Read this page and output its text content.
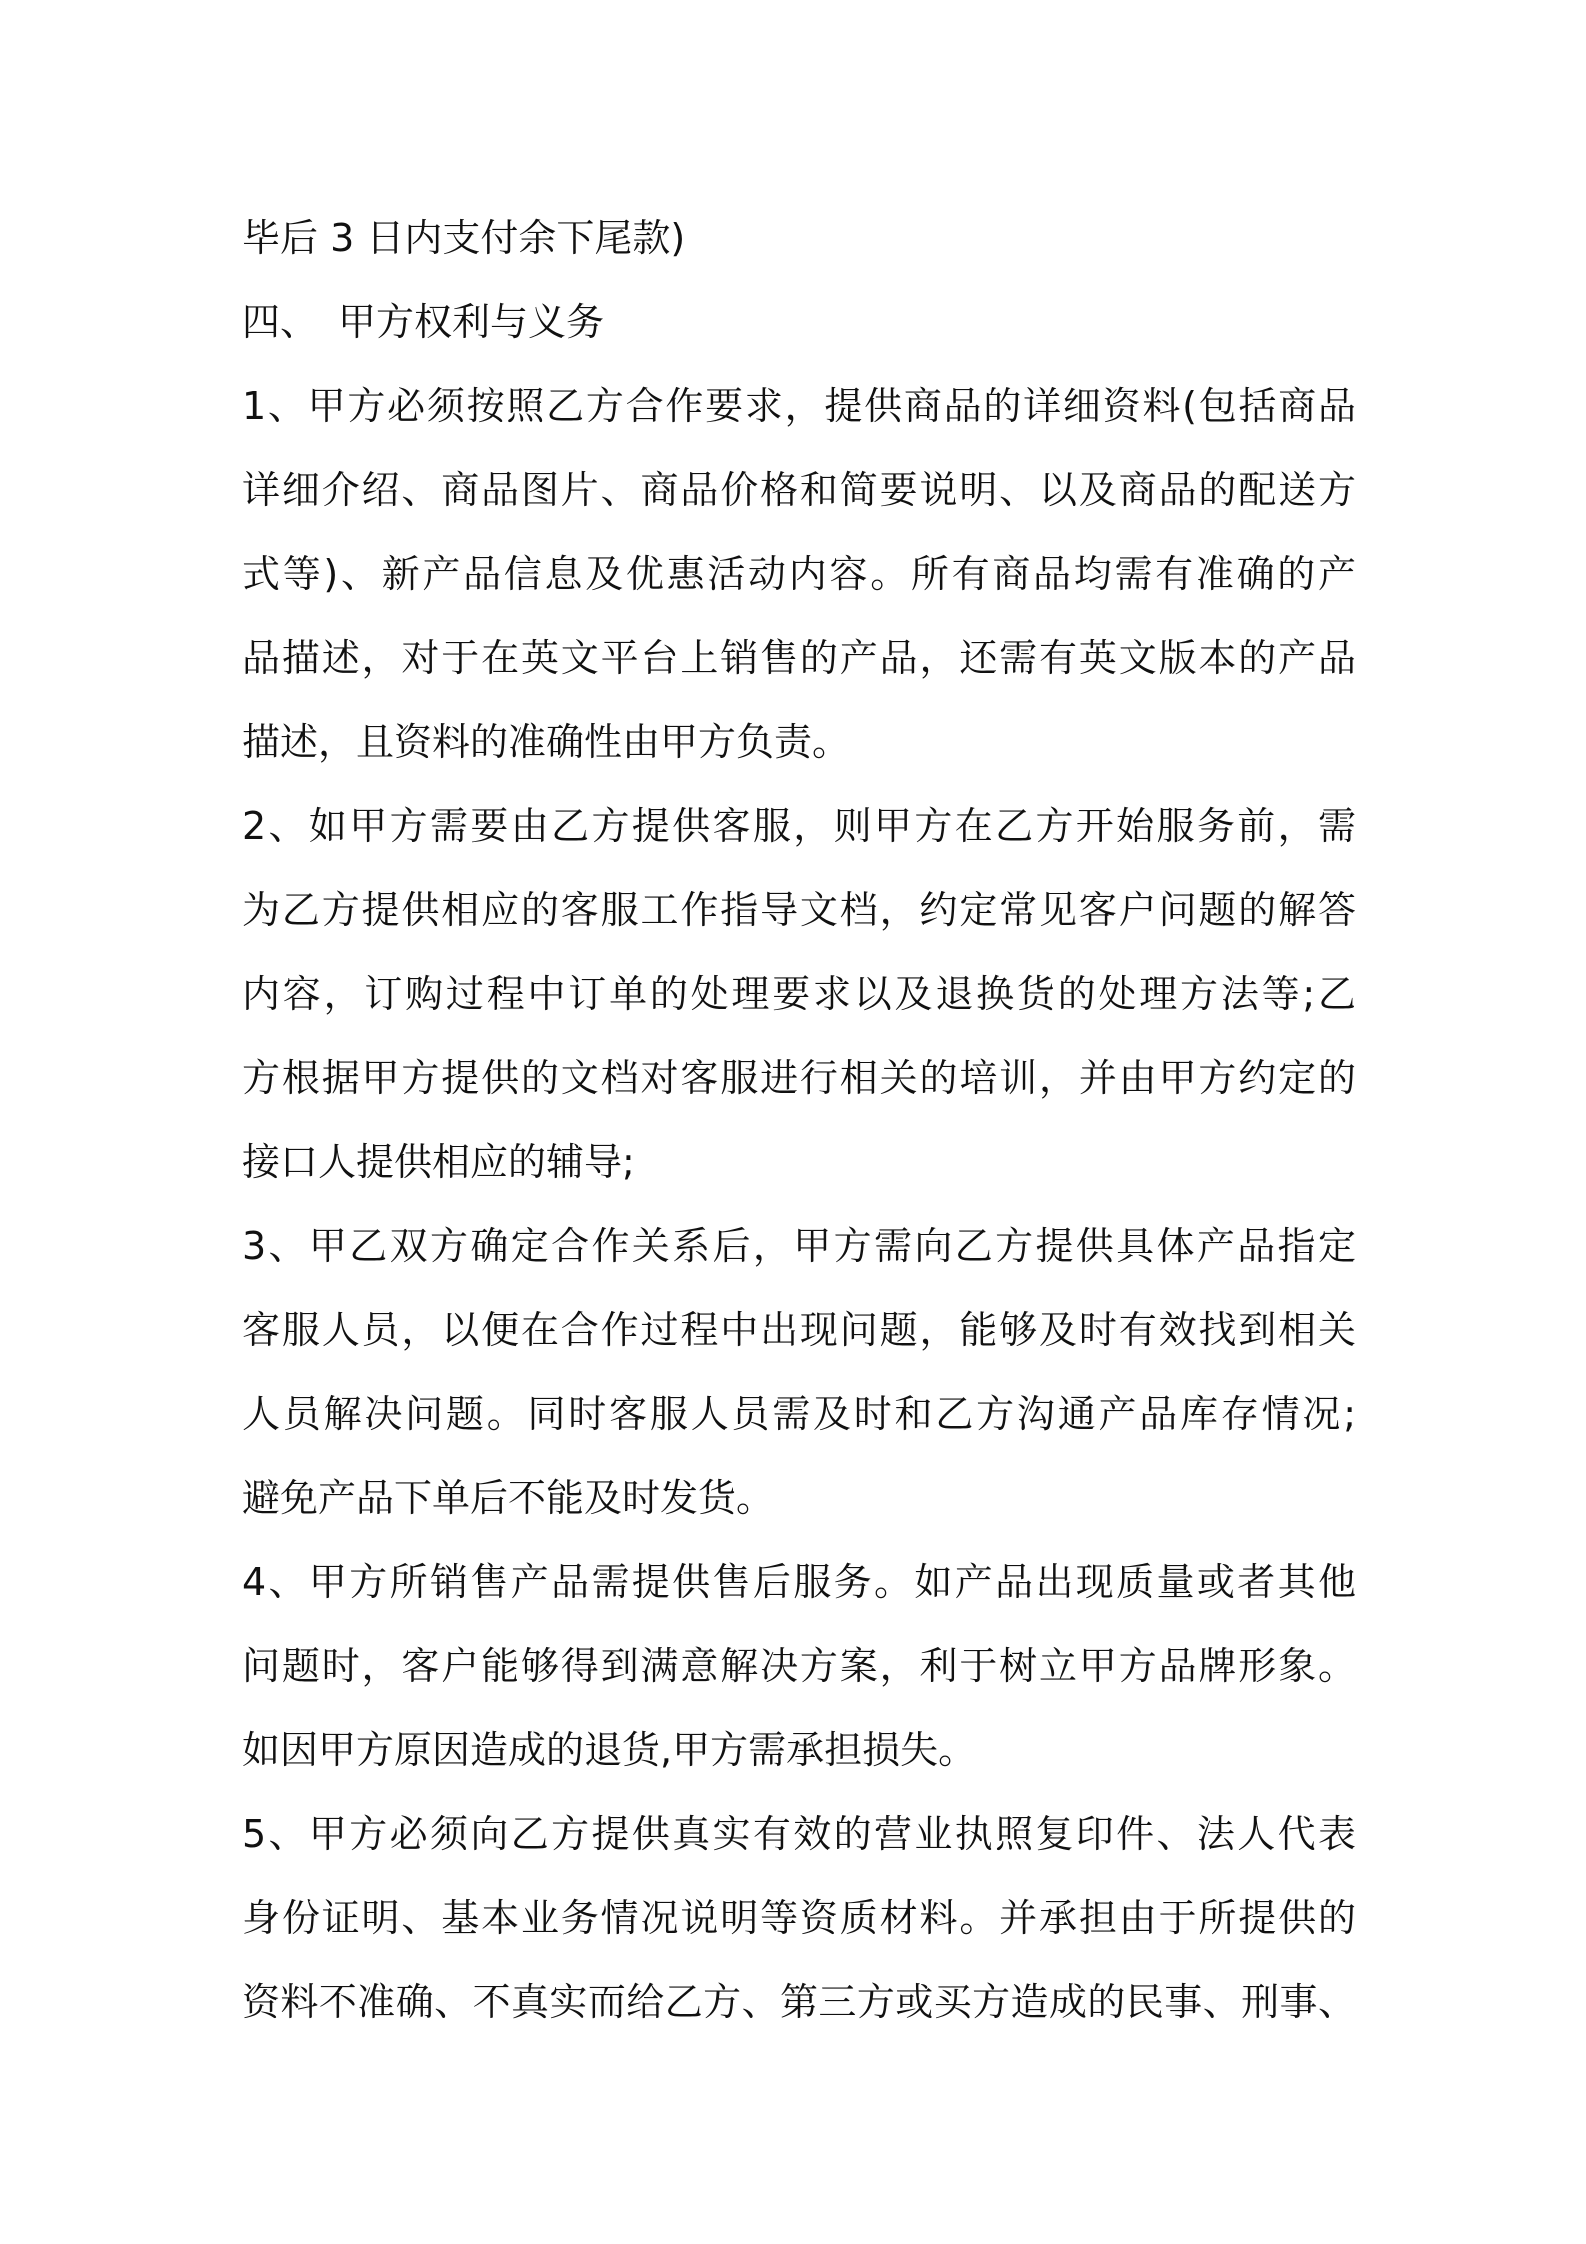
毕后 3 日内支付余下尾款)
四、 甲方权利与义务
1、甲方必须按照乙方合作要求，提供商品的详细资料(包括商品
详细介绍、商品图片、商品价格和简要说明、以及商品的配送方
式等)、新产品信息及优惠活动内容。所有商品均需有准确的产
品描述，对于在英文平台上销售的产品，还需有英文版本的产品
描述，且资料的准确性由甲方负责。
2、如甲方需要由乙方提供客服，则甲方在乙方开始服务前，需
为乙方提供相应的客服工作指导文档，约定常见客户问题的解答
内容，订购过程中订单的处理要求以及退换货的处理方法等;乙
方根据甲方提供的文档对客服进行相关的培训，并由甲方约定的
接口人提供相应的辅导;
3、甲乙双方确定合作关系后，甲方需向乙方提供具体产品指定
客服人员，以便在合作过程中出现问题，能够及时有效找到相关
人员解决问题。同时客服人员需及时和乙方沟通产品库存情况;
避免产品下单后不能及时发货。
4、甲方所销售产品需提供售后服务。如产品出现质量或者其他
问题时，客户能够得到满意解决方案，利于树立甲方品牌形象。
如因甲方原因造成的退货,甲方需承担损失。
5、甲方必须向乙方提供真实有效的营业执照复印件、法人代表
身份证明、基本业务情况说明等资质材料。并承担由于所提供的
资料不准确、不真实而给乙方、第三方或买方造成的民事、刑事、
